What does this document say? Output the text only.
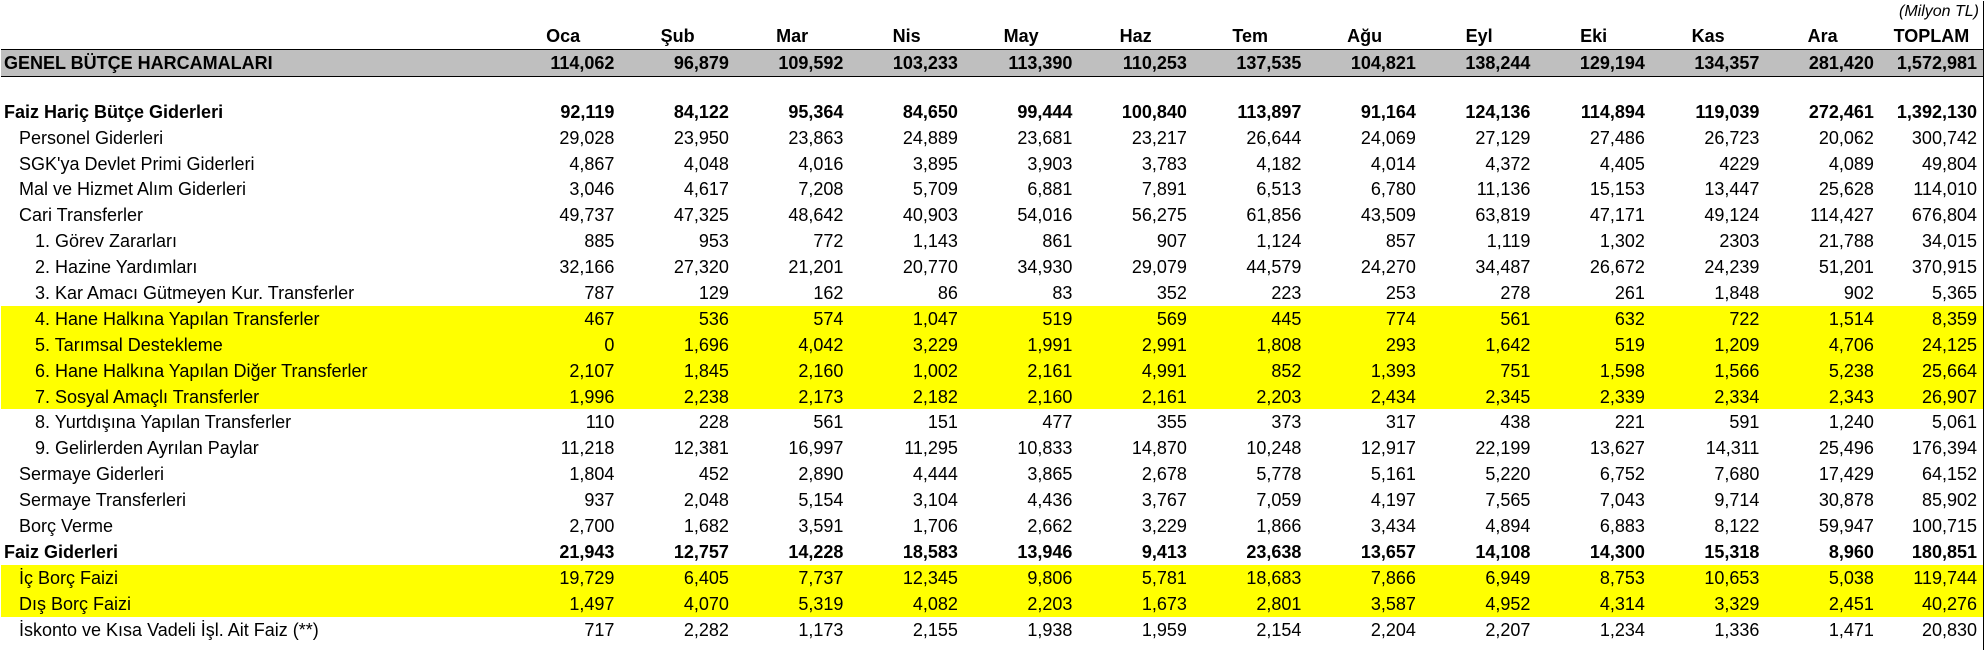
(Milyon TL)													
	Oca	Şub	Mar	Nis	May	Haz	Tem	Ağu	Eyl	Eki	Kas	Ara	TOPLAM
GENEL BÜTÇE HARCAMALARI	114,062	96,879	109,592	103,233	113,390	110,253	137,535	104,821	138,244	129,194	134,357	281,420	1,572,981

Faiz Hariç Bütçe Giderleri	92,119	84,122	95,364	84,650	99,444	100,840	113,897	91,164	124,136	114,894	119,039	272,461	1,392,130
Personel Giderleri	29,028	23,950	23,863	24,889	23,681	23,217	26,644	24,069	27,129	27,486	26,723	20,062	300,742
SGK'ya Devlet Primi Giderleri	4,867	4,048	4,016	3,895	3,903	3,783	4,182	4,014	4,372	4,405	4229	4,089	49,804
Mal ve Hizmet Alım Giderleri	3,046	4,617	7,208	5,709	6,881	7,891	6,513	6,780	11,136	15,153	13,447	25,628	114,010
Cari Transferler	49,737	47,325	48,642	40,903	54,016	56,275	61,856	43,509	63,819	47,171	49,124	114,427	676,804
1. Görev Zararları	885	953	772	1,143	861	907	1,124	857	1,119	1,302	2303	21,788	34,015
2. Hazine Yardımları	32,166	27,320	21,201	20,770	34,930	29,079	44,579	24,270	34,487	26,672	24,239	51,201	370,915
3. Kar Amacı Gütmeyen Kur. Transferler	787	129	162	86	83	352	223	253	278	261	1,848	902	5,365
4. Hane Halkına Yapılan Transferler	467	536	574	1,047	519	569	445	774	561	632	722	1,514	8,359
5. Tarımsal Destekleme	0	1,696	4,042	3,229	1,991	2,991	1,808	293	1,642	519	1,209	4,706	24,125
6. Hane Halkına Yapılan Diğer Transferler	2,107	1,845	2,160	1,002	2,161	4,991	852	1,393	751	1,598	1,566	5,238	25,664
7. Sosyal Amaçlı Transferler	1,996	2,238	2,173	2,182	2,160	2,161	2,203	2,434	2,345	2,339	2,334	2,343	26,907
8. Yurtdışına Yapılan Transferler	110	228	561	151	477	355	373	317	438	221	591	1,240	5,061
9. Gelirlerden Ayrılan Paylar	11,218	12,381	16,997	11,295	10,833	14,870	10,248	12,917	22,199	13,627	14,311	25,496	176,394
Sermaye Giderleri	1,804	452	2,890	4,444	3,865	2,678	5,778	5,161	5,220	6,752	7,680	17,429	64,152
Sermaye Transferleri	937	2,048	5,154	3,104	4,436	3,767	7,059	4,197	7,565	7,043	9,714	30,878	85,902
Borç Verme	2,700	1,682	3,591	1,706	2,662	3,229	1,866	3,434	4,894	6,883	8,122	59,947	100,715
Faiz Giderleri	21,943	12,757	14,228	18,583	13,946	9,413	23,638	13,657	14,108	14,300	15,318	8,960	180,851
İç Borç Faizi	19,729	6,405	7,737	12,345	9,806	5,781	18,683	7,866	6,949	8,753	10,653	5,038	119,744
Dış Borç Faizi	1,497	4,070	5,319	4,082	2,203	1,673	2,801	3,587	4,952	4,314	3,329	2,451	40,276
İskonto ve Kısa Vadeli İşl. Ait Faiz (**)	717	2,282	1,173	2,155	1,938	1,959	2,154	2,204	2,207	1,234	1,336	1,471	20,830
